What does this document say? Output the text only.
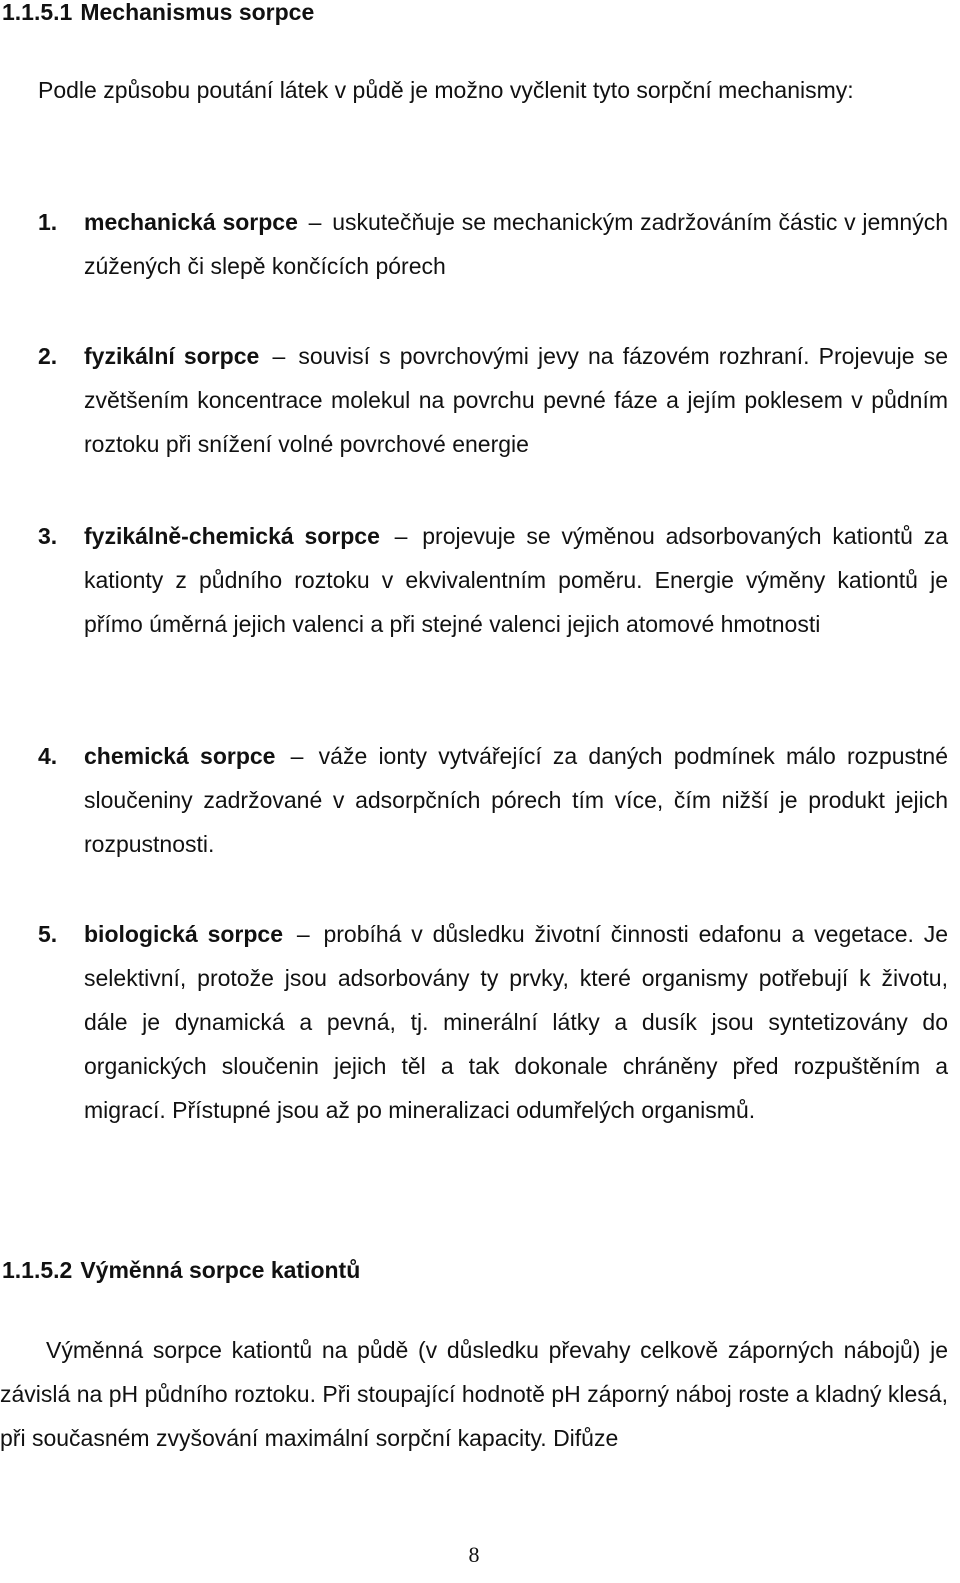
1.1.5.1 Mechanismus sorpce
Podle způsobu poutání látek v půdě je možno vyčlenit tyto sorpční mechanismy:
1. mechanická sorpce – uskutečňuje se mechanickým zadržováním částic v jemných zúžených či slepě končících pórech
2. fyzikální sorpce – souvisí s povrchovými jevy na fázovém rozhraní. Projevuje se zvětšením koncentrace molekul na povrchu pevné fáze a jejím poklesem v půdním roztoku při snížení volné povrchové energie
3. fyzikálně-chemická sorpce – projevuje se výměnou adsorbovaných kationtů za kationty z půdního roztoku v ekvivalentním poměru. Energie výměny kationtů je přímo úměrná jejich valenci a při stejné valenci jejich atomové hmotnosti
4. chemická sorpce – váže ionty vytvářející za daných podmínek málo rozpustné sloučeniny zadržované v adsorpčních pórech tím více, čím nižší je produkt jejich rozpustnosti.
5. biologická sorpce – probíhá v důsledku životní činnosti edafonu a vegetace. Je selektivní, protože jsou adsorbovány ty prvky, které organismy potřebují k životu, dále je dynamická a pevná, tj. minerální látky a dusík jsou syntetizovány do organických sloučenin jejich těl a tak dokonale chráněny před rozpuštěním a migrací. Přístupné jsou až po mineralizaci odumřelých organismů.
1.1.5.2 Výměnná sorpce kationtů
Výměnná sorpce kationtů na půdě (v důsledku převahy celkově záporných nábojů) je závislá na pH půdního roztoku. Při stoupající hodnotě pH záporný náboj roste a kladný klesá, při současném zvyšování maximální sorpční kapacity. Difůze
8
